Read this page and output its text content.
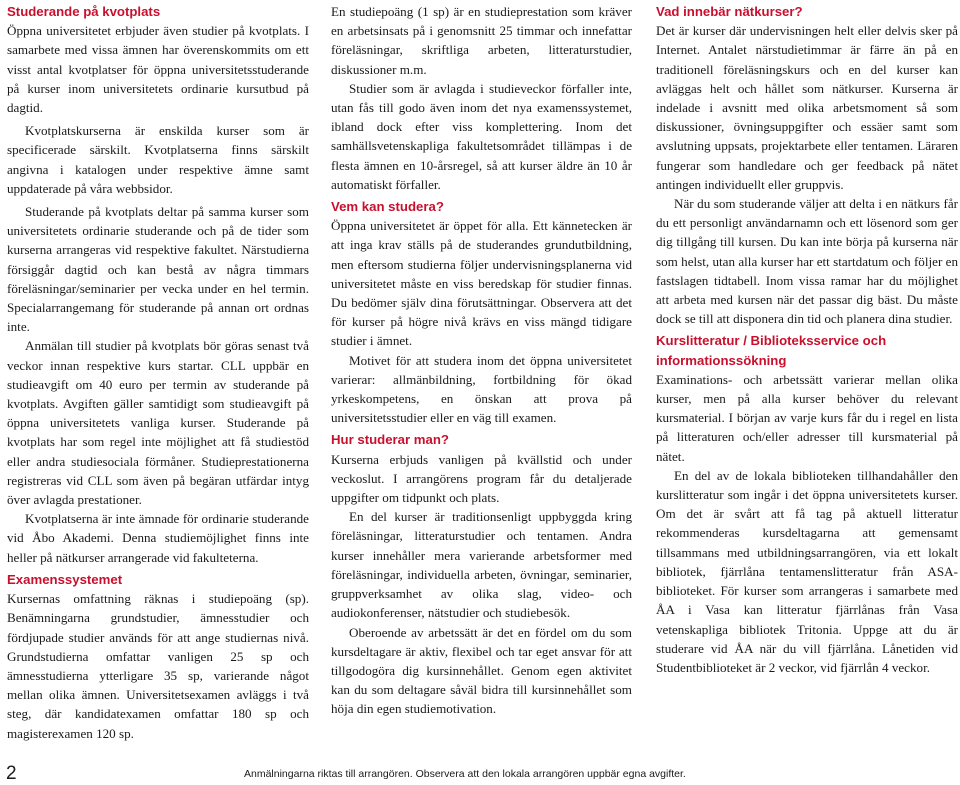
Studerande på kvotplats

Öppna universitetet erbjuder även studier på kvotplats. I samarbete med vissa ämnen har överenskommits om ett visst antal kvotplatser för öppna universitetsstuderande på kurser inom universitetets ordinarie kursutbud på dagtid.

Kvotplatskurserna är enskilda kurser som är specificerade särskilt. Kvotplatserna finns särskilt angivna i katalogen under respektive ämne samt uppdaterade på våra webbsidor.

Studerande på kvotplats deltar på samma kurser som universitetets ordinarie studerande och på de tider som kurserna arrangeras vid respektive fakultet. Närstudierna försiggår dagtid och kan bestå av några timmars föreläsningar/seminarier per vecka under en hel termin. Specialarrangemang för studerande på annan ort ordnas inte.

Anmälan till studier på kvotplats bör göras senast två veckor innan respektive kurs startar. CLL uppbär en studieavgift om 40 euro per termin av studerande på kvotplats. Avgiften gäller samtidigt som studieavgift på öppna universitetets vanliga kurser. Studerande på kvotplats har som regel inte möjlighet att få studiestöd eller andra studiesociala förmåner. Studieprestationerna registreras vid CLL som även på begäran utfärdar intyg över avlagda prestationer.

Kvotplatserna är inte ämnade för ordinarie studerande vid Åbo Akademi. Denna studiemöjlighet finns inte heller på nätkurser arrangerade vid fakulteterna.

Examenssystemet

Kursernas omfattning räknas i studiepoäng (sp). Benämningarna grundstudier, ämnesstudier och fördjupade studier används för att ange studiernas nivå. Grundstudierna omfattar vanligen 25 sp och ämnesstudierna ytterligare 35 sp, varierande något mellan olika ämnen. Universitetsexamen avläggs i två steg, där kandidatexamen omfattar 180 sp och magisterexamen 120 sp.

En studiepoäng (1 sp) är en studieprestation som kräver en arbetsinsats på i genomsnitt 25 timmar och innefattar föreläsningar, skriftliga arbeten, litteraturstudier, diskussioner m.m.

Studier som är avlagda i studieveckor förfaller inte, utan fås till godo även inom det nya examenssystemet, ibland dock efter viss komplettering. Inom det samhällsvetenskapliga fakultetsområdet tillämpas i de flesta ämnen en 10-årsregel, så att kurser äldre än 10 år automatiskt förfaller.

Vem kan studera?

Öppna universitetet är öppet för alla. Ett kännetecken är att inga krav ställs på de studerandes grundutbildning, men eftersom studierna följer undervisningsplanerna vid universitetet måste en viss beredskap för studier finnas. Du bedömer själv dina förutsättningar. Observera att det för kurser på högre nivå krävs en viss mängd tidigare studier i ämnet.

Motivet för att studera inom det öppna universitetet varierar: allmänbildning, fortbildning för ökad yrkeskompetens, en önskan att prova på universitetsstudier eller en väg till examen.

Hur studerar man?

Kurserna erbjuds vanligen på kvällstid och under veckoslut. I arrangörens program får du detaljerade uppgifter om tidpunkt och plats.

En del kurser är traditionsenligt uppbyggda kring föreläsningar, litteraturstudier och tentamen. Andra kurser innehåller mera varierande arbetsformer med föreläsningar, individuella arbeten, övningar, seminarier, gruppverksamhet av olika slag, video- och audiokonferenser, nätstudier och studiebesök.

Oberoende av arbetssätt är det en fördel om du som kursdeltagare är aktiv, flexibel och tar eget ansvar för att tillgodogöra dig kursinnehållet. Genom egen aktivitet kan du som deltagare såväl bidra till kursinnehållet som höja din egen studiemotivation.

Vad innebär nätkurser?

Det är kurser där undervisningen helt eller delvis sker på Internet. Antalet närstudietimmar är färre än på en traditionell föreläsningskurs och en del kurser kan avläggas helt och hållet som nätkurser. Kurserna är indelade i avsnitt med olika arbetsmoment så som diskussioner, övningsuppgifter och essäer samt som avslutning uppsats, projektarbete eller tentamen. Läraren fungerar som handledare och ger feedback på nätet antingen individuellt eller gruppvis.

När du som studerande väljer att delta i en nätkurs får du ett personligt användarnamn och ett lösenord som ger dig tillgång till kursen. Du kan inte börja på kurserna när som helst, utan alla kurser har ett startdatum och följer en fastslagen tidtabell. Inom vissa ramar har du möjlighet att arbeta med kursen när det passar dig bäst. Du måste dock se till att disponera din tid och planera dina studier.

Kurslitteratur / Biblioteksservice och informationssökning

Examinations- och arbetssätt varierar mellan olika kurser, men på alla kurser behöver du relevant kursmaterial. I början av varje kurs får du i regel en lista på litteraturen och/eller adresser till kursmaterial på nätet.

En del av de lokala biblioteken tillhandahåller den kurslitteratur som ingår i det öppna universitetets kurser. Om det är svårt att få tag på aktuell litteratur rekommenderas kursdeltagarna att gemensamt tillsammans med utbildningsarrangören, via ett lokalt bibliotek, fjärrlåna tentamenslitteratur från ASA-biblioteket. För kurser som arrangeras i samarbete med ÅA i Vasa kan litteratur fjärrlånas från Vasa vetenskapliga bibliotek Tritonia. Uppge att du är studerare vid ÅA när du vill fjärrlåna. Lånetiden vid Studentbiblioteket är 2 veckor, vid fjärrlån 4 veckor.

2	Anmälningarna riktas till arrangören. Observera att den lokala arrangören uppbär egna avgifter.
